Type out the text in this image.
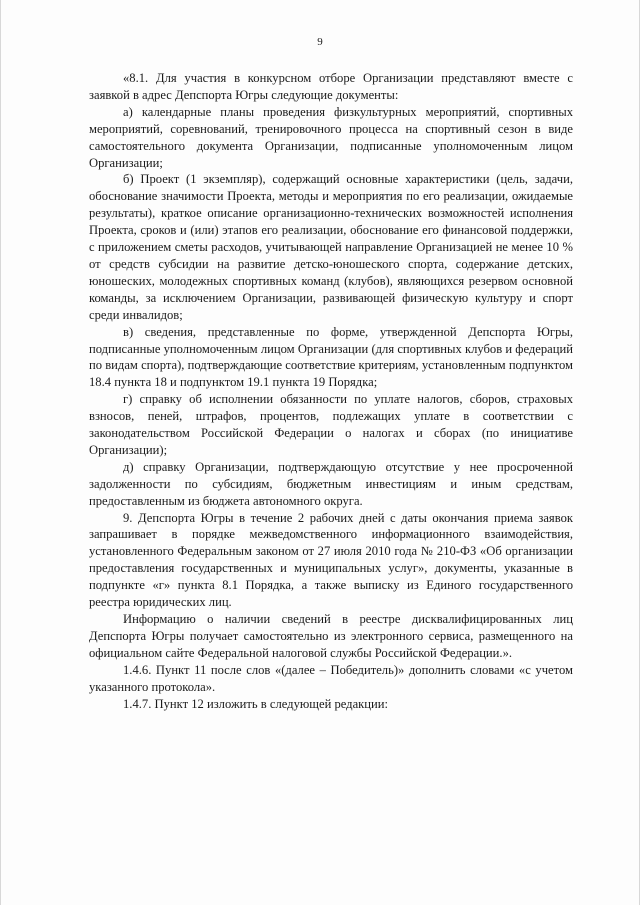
9

«8.1. Для участия в конкурсном отборе Организации представляют вместе с заявкой в адрес Депспорта Югры следующие документы:

а) календарные планы проведения физкультурных мероприятий, спортивных мероприятий, соревнований, тренировочного процесса на спортивный сезон в виде самостоятельного документа Организации, подписанные уполномоченным лицом Организации;

б) Проект (1 экземпляр), содержащий основные характеристики (цель, задачи, обоснование значимости Проекта, методы и мероприятия по его реализации, ожидаемые результаты), краткое описание организационно-технических возможностей исполнения Проекта, сроков и (или) этапов его реализации, обоснование его финансовой поддержки, с приложением сметы расходов, учитывающей направление Организацией не менее 10 % от средств субсидии на развитие детско-юношеского спорта, содержание детских, юношеских, молодежных спортивных команд (клубов), являющихся резервом основной команды, за исключением Организации, развивающей физическую культуру и спорт среди инвалидов;

в) сведения, представленные по форме, утвержденной Депспорта Югры, подписанные уполномоченным лицом Организации (для спортивных клубов и федераций по видам спорта), подтверждающие соответствие критериям, установленным подпунктом 18.4 пункта 18 и подпунктом 19.1 пункта 19 Порядка;

г) справку об исполнении обязанности по уплате налогов, сборов, страховых взносов, пеней, штрафов, процентов, подлежащих уплате в соответствии с законодательством Российской Федерации о налогах и сборах (по инициативе Организации);

д) справку Организации, подтверждающую отсутствие у нее просроченной задолженности по субсидиям, бюджетным инвестициям и иным средствам, предоставленным из бюджета автономного округа.

9. Депспорта Югры в течение 2 рабочих дней с даты окончания приема заявок запрашивает в порядке межведомственного информационного взаимодействия, установленного Федеральным законом от 27 июля 2010 года № 210-ФЗ «Об организации предоставления государственных и муниципальных услуг», документы, указанные в подпункте «г» пункта 8.1 Порядка, а также выписку из Единого государственного реестра юридических лиц.

Информацию о наличии сведений в реестре дисквалифицированных лиц Депспорта Югры получает самостоятельно из электронного сервиса, размещенного на официальном сайте Федеральной налоговой службы Российской Федерации.».

1.4.6. Пункт 11 после слов «(далее – Победитель)» дополнить словами «с учетом указанного протокола».

1.4.7. Пункт 12 изложить в следующей редакции:
